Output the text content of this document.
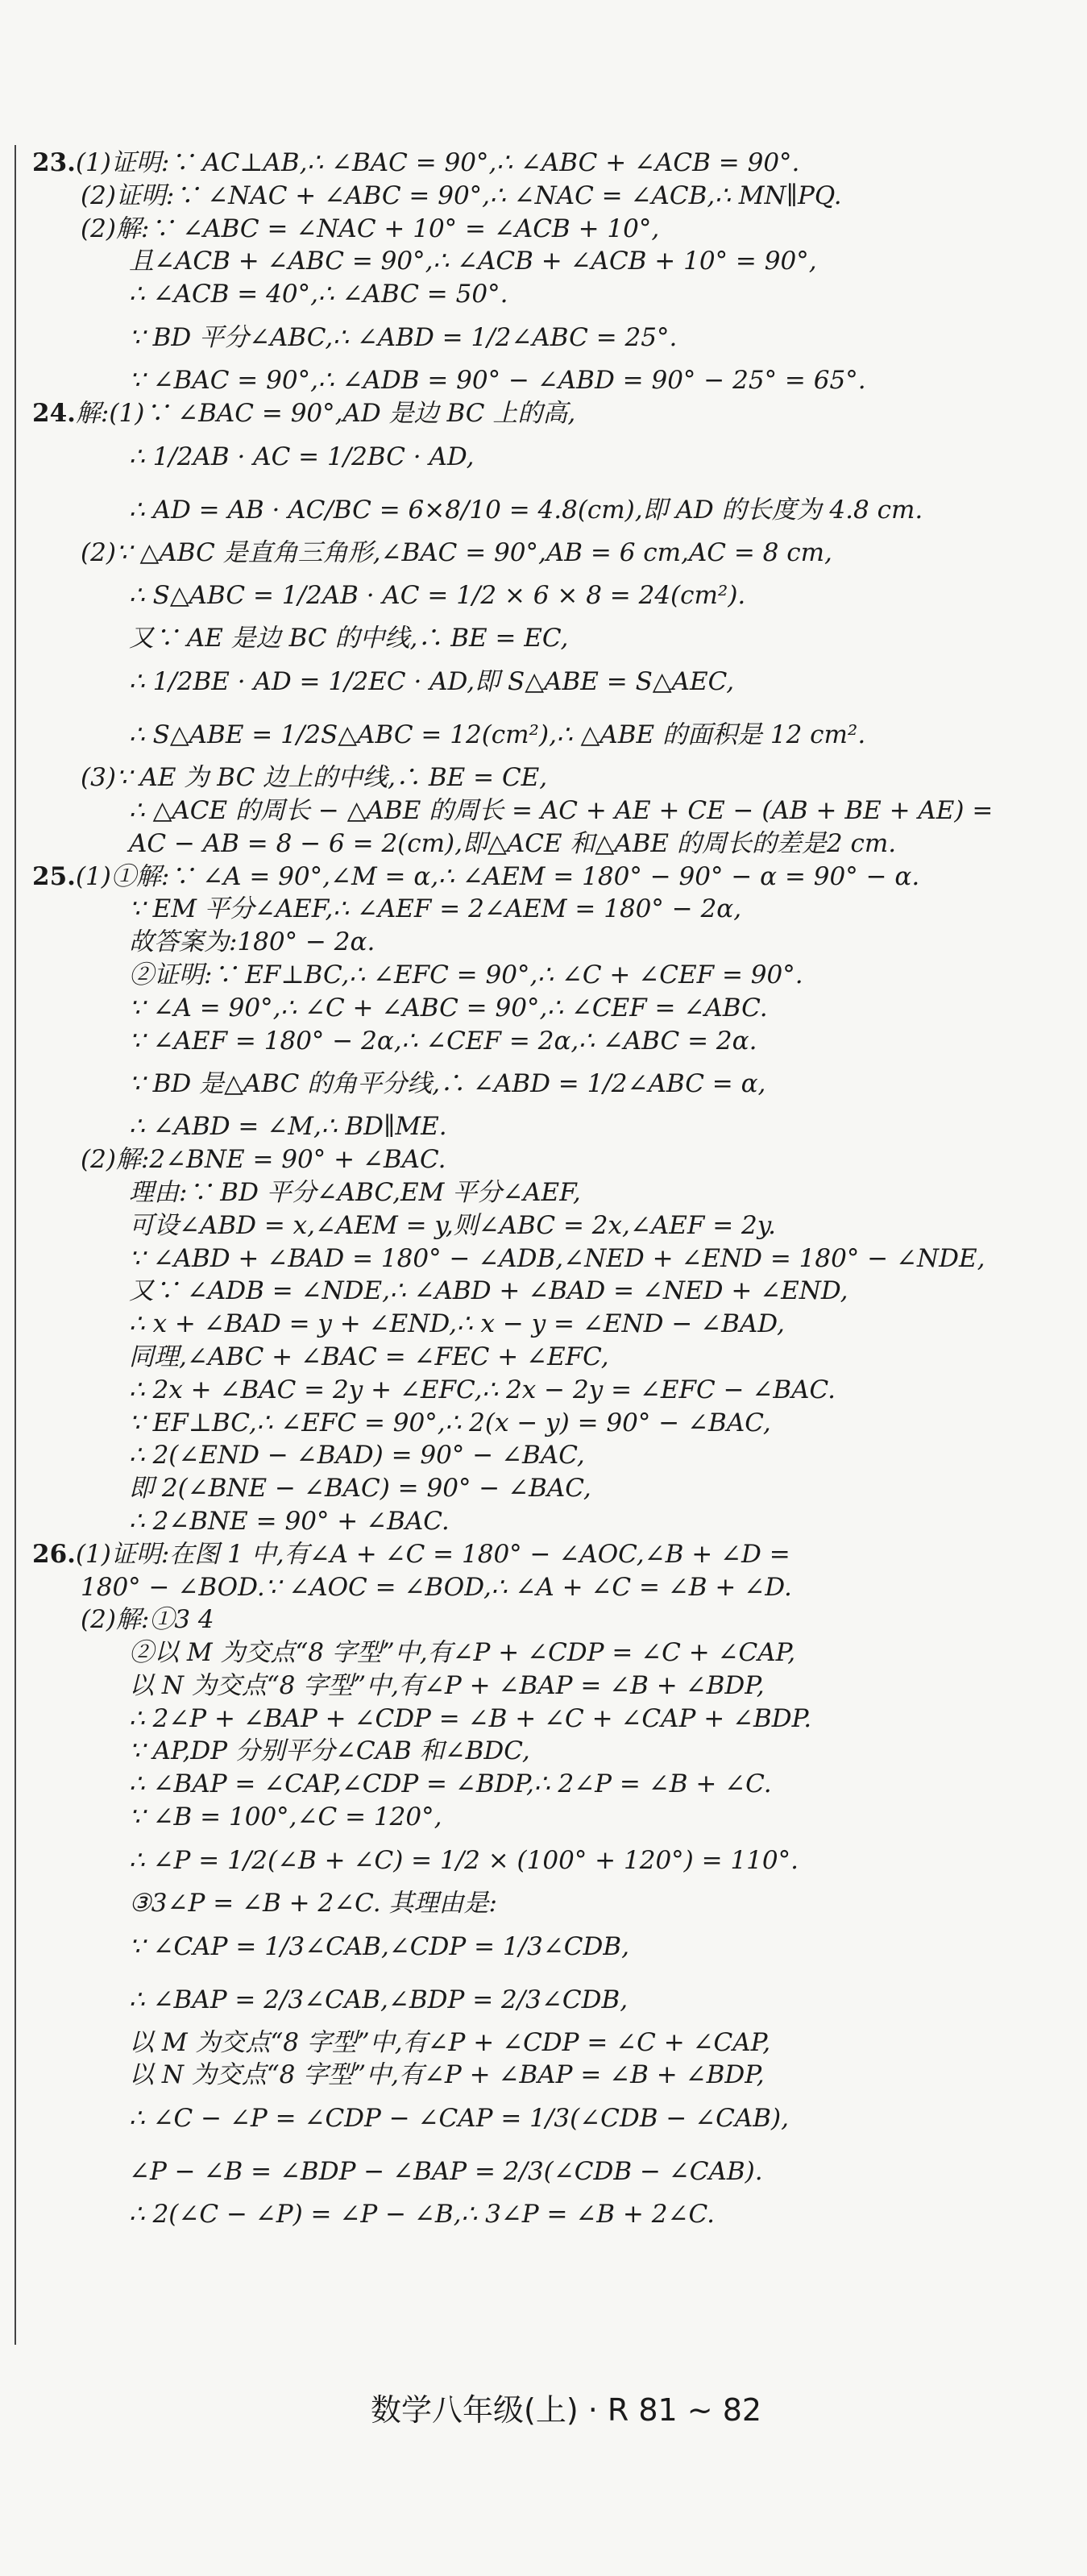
23.(1)证明:∵ AC⊥AB,∴ ∠BAC = 90°,∴ ∠ABC + ∠ACB = 90°.
(2)证明:∵ ∠NAC + ∠ABC = 90°,∴ ∠NAC = ∠ACB,∴ MN∥PQ.
(2)解:∵ ∠ABC = ∠NAC + 10° = ∠ACB + 10°,
且∠ACB + ∠ABC = 90°,∴ ∠ACB + ∠ACB + 10° = 90°,
∴ ∠ACB = 40°,∴ ∠ABC = 50°.
∵ BD 平分∠ABC,∴ ∠ABD = 1/2∠ABC = 25°.
∵ ∠BAC = 90°,∴ ∠ADB = 90° − ∠ABD = 90° − 25° = 65°.
24.解:(1)∵ ∠BAC = 90°,AD 是边 BC 上的高,
∴ 1/2AB · AC = 1/2BC · AD,
∴ AD = AB · AC/BC = 6×8/10 = 4.8(cm),即 AD 的长度为 4.8 cm.
(2)∵ △ABC 是直角三角形,∠BAC = 90°,AB = 6 cm,AC = 8 cm,
∴ S△ABC = 1/2AB · AC = 1/2 × 6 × 8 = 24(cm²).
又∵ AE 是边 BC 的中线,∴ BE = EC,
∴ 1/2BE · AD = 1/2EC · AD,即 S△ABE = S△AEC,
∴ S△ABE = 1/2S△ABC = 12(cm²),∴ △ABE 的面积是 12 cm².
(3)∵ AE 为 BC 边上的中线,∴ BE = CE,
∴ △ACE 的周长 − △ABE 的周长 = AC + AE + CE − (AB + BE + AE) =
AC − AB = 8 − 6 = 2(cm),即△ACE 和△ABE 的周长的差是2 cm.
25.(1)①解:∵ ∠A = 90°,∠M = α,∴ ∠AEM = 180° − 90° − α = 90° − α.
∵ EM 平分∠AEF,∴ ∠AEF = 2∠AEM = 180° − 2α,
故答案为:180° − 2α.
②证明:∵ EF⊥BC,∴ ∠EFC = 90°,∴ ∠C + ∠CEF = 90°.
∵ ∠A = 90°,∴ ∠C + ∠ABC = 90°,∴ ∠CEF = ∠ABC.
∵ ∠AEF = 180° − 2α,∴ ∠CEF = 2α,∴ ∠ABC = 2α.
∵ BD 是△ABC 的角平分线,∴ ∠ABD = 1/2∠ABC = α,
∴ ∠ABD = ∠M,∴ BD∥ME.
(2)解:2∠BNE = 90° + ∠BAC.
理由:∵ BD 平分∠ABC,EM 平分∠AEF,
可设∠ABD = x,∠AEM = y,则∠ABC = 2x,∠AEF = 2y.
∵ ∠ABD + ∠BAD = 180° − ∠ADB,∠NED + ∠END = 180° − ∠NDE,
又∵ ∠ADB = ∠NDE,∴ ∠ABD + ∠BAD = ∠NED + ∠END,
∴ x + ∠BAD = y + ∠END,∴ x − y = ∠END − ∠BAD,
同理,∠ABC + ∠BAC = ∠FEC + ∠EFC,
∴ 2x + ∠BAC = 2y + ∠EFC,∴ 2x − 2y = ∠EFC − ∠BAC.
∵ EF⊥BC,∴ ∠EFC = 90°,∴ 2(x − y) = 90° − ∠BAC,
∴ 2(∠END − ∠BAD) = 90° − ∠BAC,
即 2(∠BNE − ∠BAC) = 90° − ∠BAC,
∴ 2∠BNE = 90° + ∠BAC.
26.(1)证明:在图 1 中,有∠A + ∠C = 180° − ∠AOC,∠B + ∠D =
180° − ∠BOD.∵ ∠AOC = ∠BOD,∴ ∠A + ∠C = ∠B + ∠D.
(2)解:①3 4
②以 M 为交点“8 字型”中,有∠P + ∠CDP = ∠C + ∠CAP,
以 N 为交点“8 字型”中,有∠P + ∠BAP = ∠B + ∠BDP,
∴ 2∠P + ∠BAP + ∠CDP = ∠B + ∠C + ∠CAP + ∠BDP.
∵ AP,DP 分别平分∠CAB 和∠BDC,
∴ ∠BAP = ∠CAP,∠CDP = ∠BDP,∴ 2∠P = ∠B + ∠C.
∵ ∠B = 100°,∠C = 120°,
∴ ∠P = 1/2(∠B + ∠C) = 1/2 × (100° + 120°) = 110°.
③3∠P = ∠B + 2∠C. 其理由是:
∵ ∠CAP = 1/3∠CAB,∠CDP = 1/3∠CDB,
∴ ∠BAP = 2/3∠CAB,∠BDP = 2/3∠CDB,
以 M 为交点“8 字型”中,有∠P + ∠CDP = ∠C + ∠CAP,
以 N 为交点“8 字型”中,有∠P + ∠BAP = ∠B + ∠BDP,
∴ ∠C − ∠P = ∠CDP − ∠CAP = 1/3(∠CDB − ∠CAB),
∠P − ∠B = ∠BDP − ∠BAP = 2/3(∠CDB − ∠CAB).
∴ 2(∠C − ∠P) = ∠P − ∠B,∴ 3∠P = ∠B + 2∠C.
数学八年级(上) · R 81 ~ 82
